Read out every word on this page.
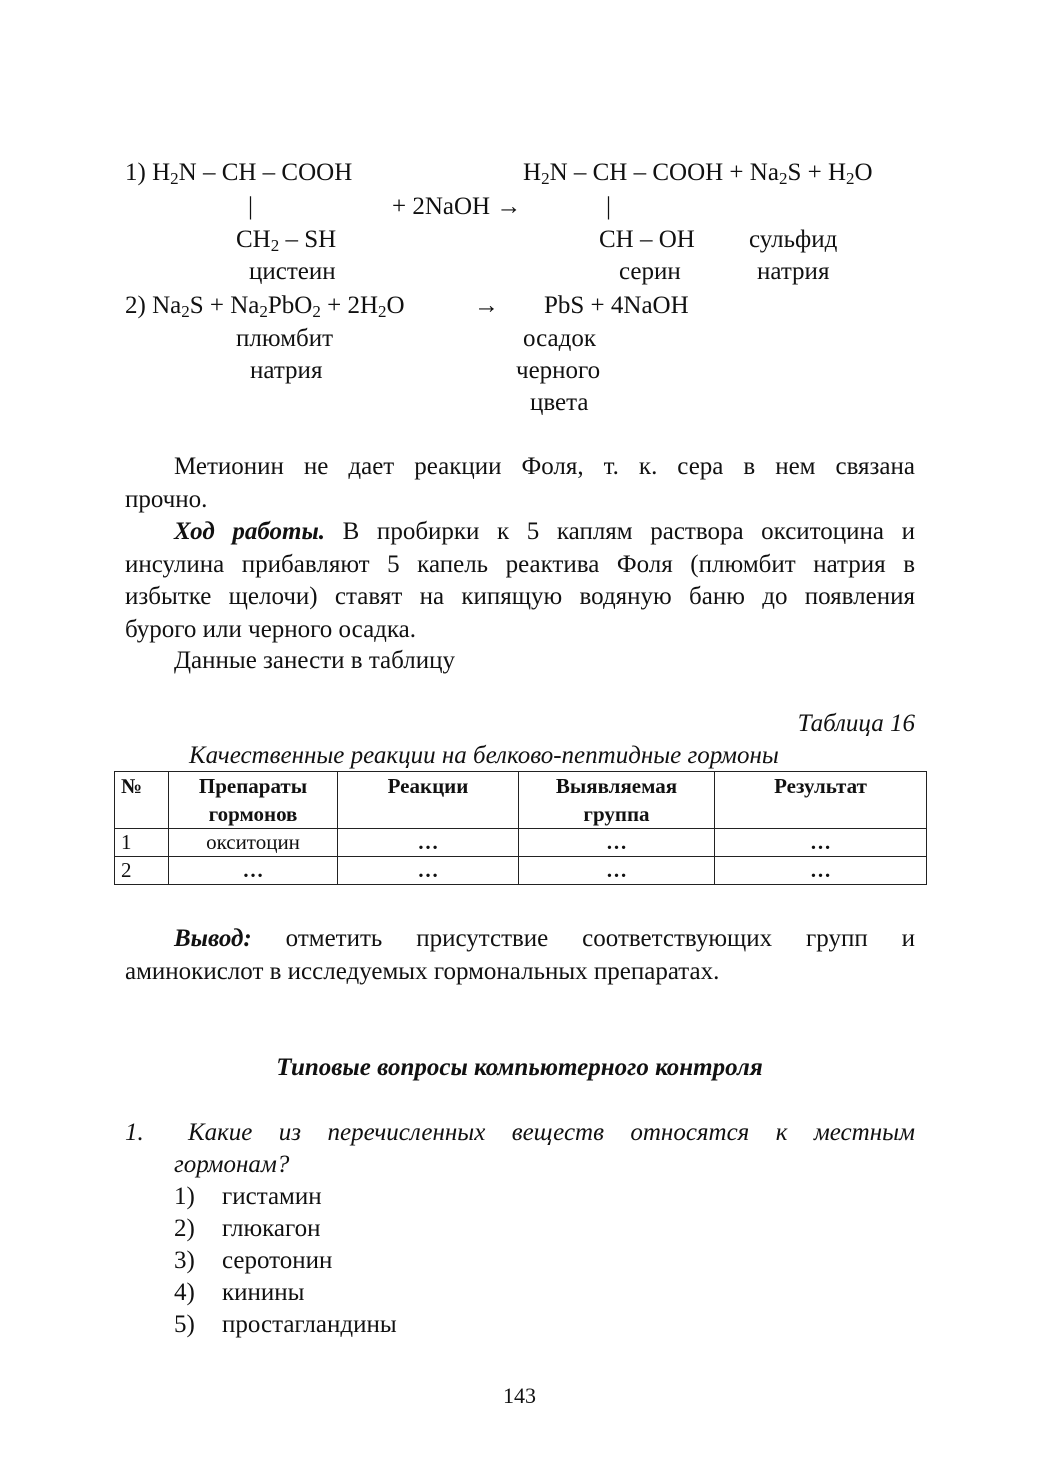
1) $H_2N$ – CH – COOH	$H_2N$ – CH – COOH + $Na_2S + H_2O$
|	+ 2NaOH →	|
$CH_2$ – SH	CH – OH сульфид
цистеин	серин	натрия
2) $Na_2S + Na_2PbO_2 + 2H_2O$	→ PbS + 4NaOH
плюмбит
натрия
осадок
черного
цвета
Метионин не дает реакции Фоля, т. к. сера в нем связана
прочно.
Ход работы. В пробирки к 5 каплям раствора окситоцина и
инсулина прибавляют 5 капель реактива Фоля (плюмбит натрия в
избытке щелочи) ставят на кипящую водяную баню до появления
бурого или черного осадка.
Данные занести в таблицу
Таблица 16
Качественные реакции на белково-пептидные гормоны
№	Препараты гормонов	Реакции	Выявляемая группа	Результат
1	окситоцин	…	…	…
2	…	…	…	…
Вывод: отметить присутствие соответствующих групп и
аминокислот в исследуемых гормональных препаратах.
Типовые вопросы компьютерного контроля
1. Какие из перечисленных веществ относятся к местным
гормонам?
1) гистамин
2) глюкагон
3) серотонин
4) кинины
5) простагландины
143
